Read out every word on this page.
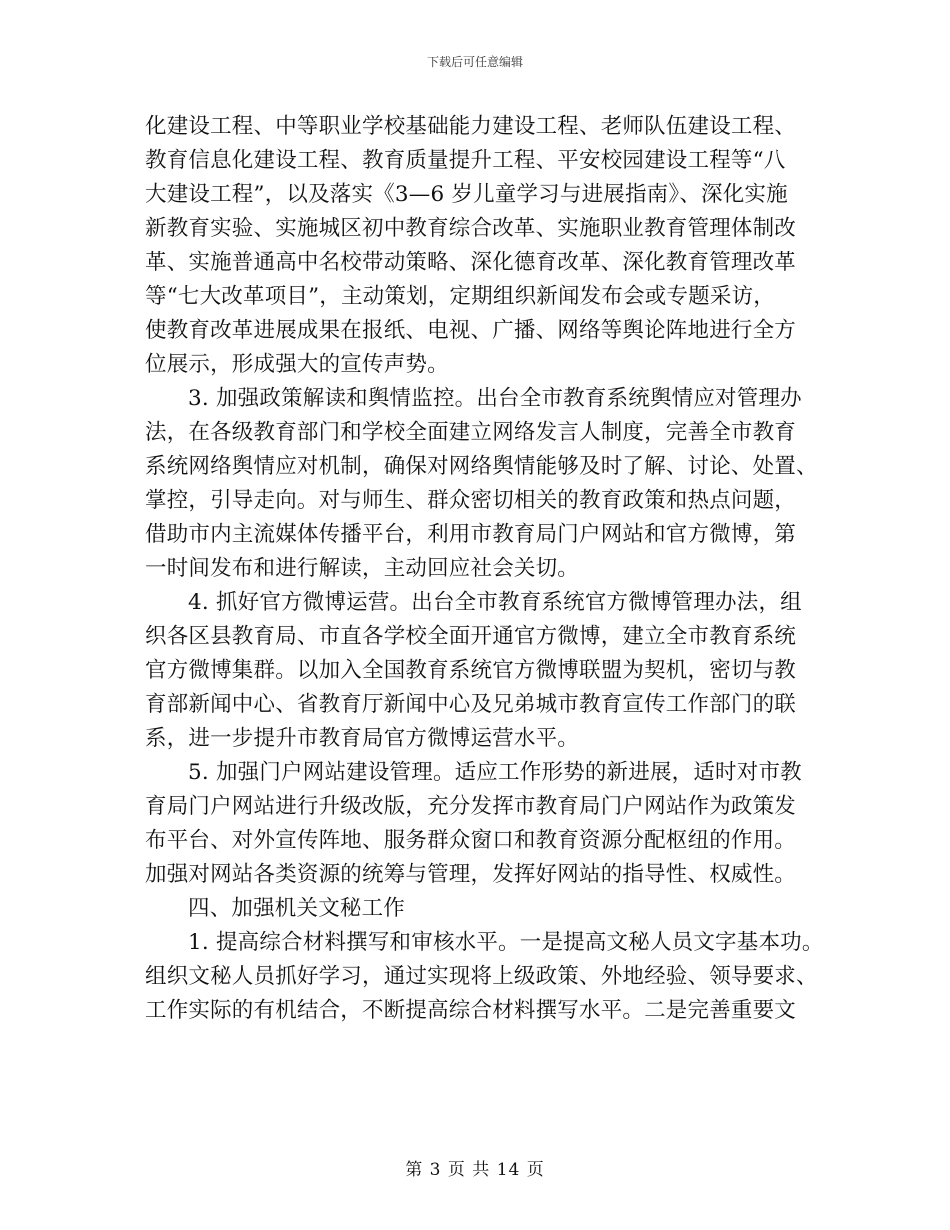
下载后可任意编辑
化建设工程、中等职业学校基础能力建设工程、老师队伍建设工程、
教育信息化建设工程、教育质量提升工程、平安校园建设工程等“八
大建设工程”，以及落实《3—6 岁儿童学习与进展指南》、深化实施
新教育实验、实施城区初中教育综合改革、实施职业教育管理体制改
革、实施普通高中名校带动策略、深化德育改革、深化教育管理改革
等“七大改革项目”，主动策划，定期组织新闻发布会或专题采访，
使教育改革进展成果在报纸、电视、广播、网络等舆论阵地进行全方
位展示，形成强大的宣传声势。
3. 加强政策解读和舆情监控。出台全市教育系统舆情应对管理办
法，在各级教育部门和学校全面建立网络发言人制度，完善全市教育
系统网络舆情应对机制，确保对网络舆情能够及时了解、讨论、处置、
掌控，引导走向。对与师生、群众密切相关的教育政策和热点问题，
借助市内主流媒体传播平台，利用市教育局门户网站和官方微博，第
一时间发布和进行解读，主动回应社会关切。
4. 抓好官方微博运营。出台全市教育系统官方微博管理办法，组
织各区县教育局、市直各学校全面开通官方微博，建立全市教育系统
官方微博集群。以加入全国教育系统官方微博联盟为契机，密切与教
育部新闻中心、省教育厅新闻中心及兄弟城市教育宣传工作部门的联
系，进一步提升市教育局官方微博运营水平。
5. 加强门户网站建设管理。适应工作形势的新进展，适时对市教
育局门户网站进行升级改版，充分发挥市教育局门户网站作为政策发
布平台、对外宣传阵地、服务群众窗口和教育资源分配枢纽的作用。
加强对网站各类资源的统筹与管理，发挥好网站的指导性、权威性。
四、加强机关文秘工作
1. 提高综合材料撰写和审核水平。一是提高文秘人员文字基本功。
组织文秘人员抓好学习，通过实现将上级政策、外地经验、领导要求、
工作实际的有机结合，不断提高综合材料撰写水平。二是完善重要文
第 3 页 共 14 页
